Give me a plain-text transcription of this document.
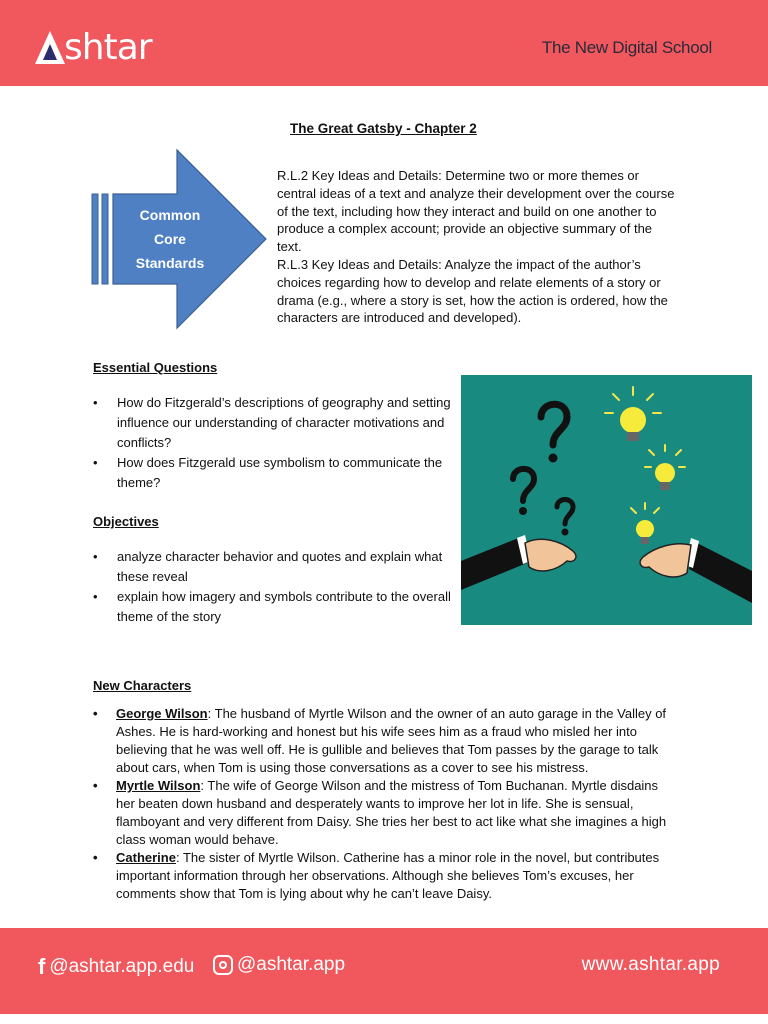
shtar	The New Digital School
The Great Gatsby - Chapter 2
Common
Core
Standards
R.L.2 Key Ideas and Details: Determine two or more themes or central ideas of a text and analyze their development over the course of the text, including how they interact and build on one another to produce a complex account; provide an objective summary of the text.
R.L.3 Key Ideas and Details: Analyze the impact of the author’s choices regarding how to develop and relate elements of a story or drama (e.g., where a story is set, how the action is ordered, how the characters are introduced and developed).
Essential Questions
• How do Fitzgerald’s descriptions of geography and setting influence our understanding of character motivations and conflicts?
• How does Fitzgerald use symbolism to communicate the theme?
Objectives
• analyze character behavior and quotes and explain what these reveal
• explain how imagery and symbols contribute to the overall theme of the story
New Characters
• George Wilson: The husband of Myrtle Wilson and the owner of an auto garage in the Valley of Ashes. He is hard-working and honest but his wife sees him as a fraud who misled her into believing that he was well off. He is gullible and believes that Tom passes by the garage to talk about cars, when Tom is using those conversations as a cover to see his mistress.
• Myrtle Wilson: The wife of George Wilson and the mistress of Tom Buchanan. Myrtle disdains her beaten down husband and desperately wants to improve her lot in life. She is sensual, flamboyant and very different from Daisy. She tries her best to act like what she imagines a high class woman would behave.
• Catherine: The sister of Myrtle Wilson. Catherine has a minor role in the novel, but contributes important information through her observations. Although she believes Tom’s excuses, her comments show that Tom is lying about why he can’t leave Daisy.
f @ashtar.app.edu @ashtar.app	www.ashtar.app
